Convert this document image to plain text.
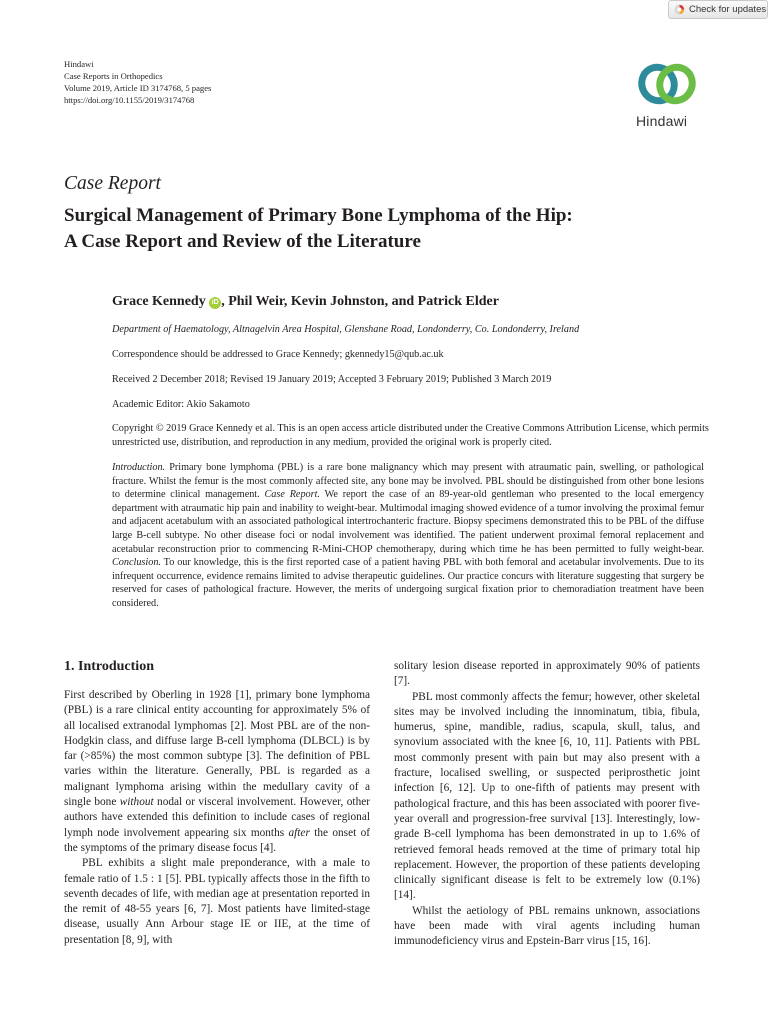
Check for updates
Hindawi
Case Reports in Orthopedics
Volume 2019, Article ID 3174768, 5 pages
https://doi.org/10.1155/2019/3174768
Hindawi
Case Report
Surgical Management of Primary Bone Lymphoma of the Hip:
A Case Report and Review of the Literature
Grace Kennedy iD , Phil Weir, Kevin Johnston, and Patrick Elder
Department of Haematology, Altnagelvin Area Hospital, Glenshane Road, Londonderry, Co. Londonderry, Ireland
Correspondence should be addressed to Grace Kennedy; gkennedy15@qub.ac.uk
Received 2 December 2018; Revised 19 January 2019; Accepted 3 February 2019; Published 3 March 2019
Academic Editor: Akio Sakamoto
Copyright © 2019 Grace Kennedy et al. This is an open access article distributed under the Creative Commons Attribution License, which permits unrestricted use, distribution, and reproduction in any medium, provided the original work is properly cited.
Introduction. Primary bone lymphoma (PBL) is a rare bone malignancy which may present with atraumatic pain, swelling, or pathological fracture. Whilst the femur is the most commonly affected site, any bone may be involved. PBL should be distinguished from other bone lesions to determine clinical management. Case Report. We report the case of an 89-year-old gentleman who presented to the local emergency department with atraumatic hip pain and inability to weight-bear. Multimodal imaging showed evidence of a tumor involving the proximal femur and adjacent acetabulum with an associated pathological intertrochanteric fracture. Biopsy specimens demonstrated this to be PBL of the diffuse large B-cell subtype. No other disease foci or nodal involvement was identified. The patient underwent proximal femoral replacement and acetabular reconstruction prior to commencing R-Mini-CHOP chemotherapy, during which time he has been permitted to fully weight-bear. Conclusion. To our knowledge, this is the first reported case of a patient having PBL with both femoral and acetabular involvements. Due to its infrequent occurrence, evidence remains limited to advise therapeutic guidelines. Our practice concurs with literature suggesting that surgery be reserved for cases of pathological fracture. However, the merits of undergoing surgical fixation prior to chemoradiation treatment have been considered.
1. Introduction

First described by Oberling in 1928 [1], primary bone lymphoma (PBL) is a rare clinical entity accounting for approximately 5% of all localised extranodal lymphomas [2]. Most PBL are of the non-Hodgkin class, and diffuse large B-cell lymphoma (DLBCL) is by far (>85%) the most common subtype [3]. The definition of PBL varies within the literature. Generally, PBL is regarded as a malignant lymphoma arising within the medullary cavity of a single bone without nodal or visceral involvement. However, other authors have extended this definition to include cases of regional lymph node involvement appearing six months after the onset of the symptoms of the primary disease focus [4].

PBL exhibits a slight male preponderance, with a male to female ratio of 1.5 : 1 [5]. PBL typically affects those in the fifth to seventh decades of life, with median age at presentation reported in the remit of 48-55 years [6, 7]. Most patients have limited-stage disease, usually Ann Arbour stage IE or IIE, at the time of presentation [8, 9], with

solitary lesion disease reported in approximately 90% of patients [7].

PBL most commonly affects the femur; however, other skeletal sites may be involved including the innominatum, tibia, fibula, humerus, spine, mandible, radius, scapula, skull, talus, and synovium associated with the knee [6, 10, 11]. Patients with PBL most commonly present with pain but may also present with a fracture, localised swelling, or suspected periprosthetic joint infection [6, 12]. Up to one-fifth of patients may present with pathological fracture, and this has been associated with poorer five-year overall and progression-free survival [13]. Interestingly, low-grade B-cell lymphoma has been demonstrated in up to 1.6% of retrieved femoral heads removed at the time of primary total hip replacement. However, the proportion of these patients developing clinically significant disease is felt to be extremely low (0.1%) [14].

Whilst the aetiology of PBL remains unknown, associations have been made with viral agents including human immunodeficiency virus and Epstein-Barr virus [15, 16].
